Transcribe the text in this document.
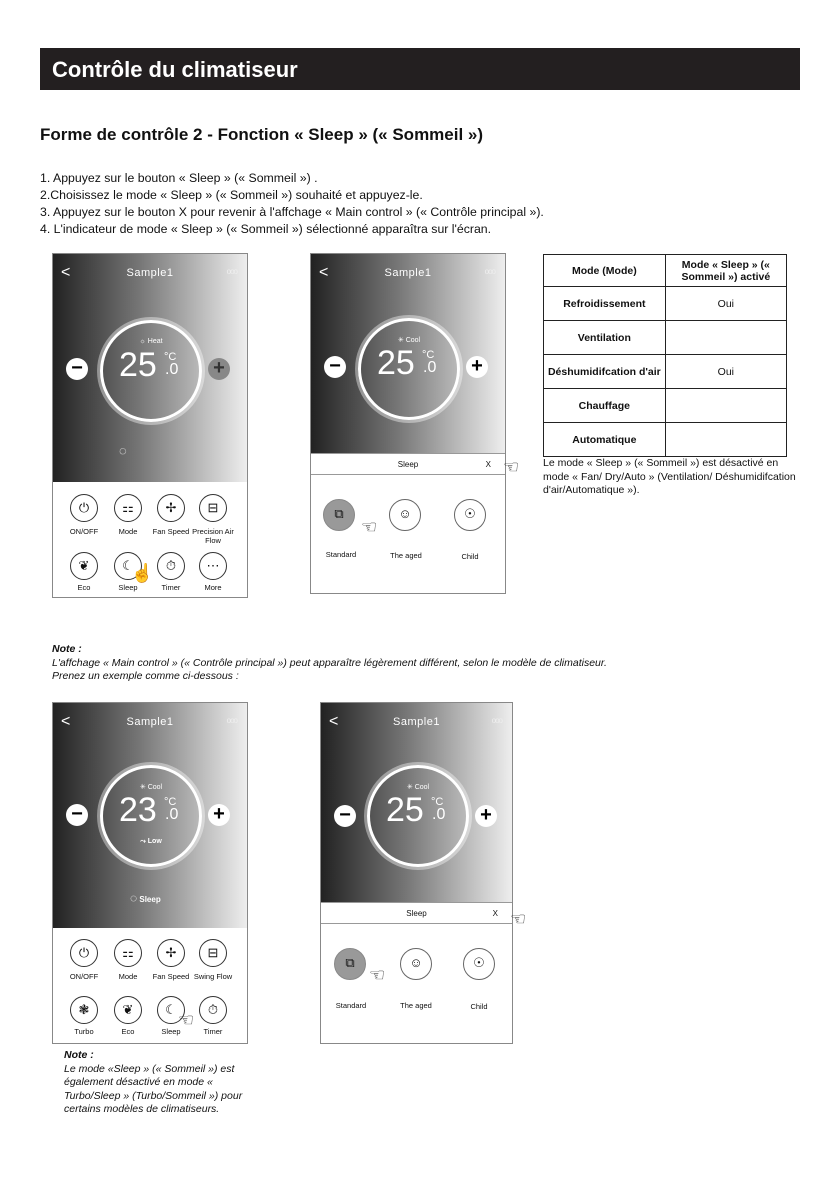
Contrôle du climatiseur
Forme de contrôle 2 - Fonction « Sleep » (« Sommeil »)
1. Appuyez sur le bouton « Sleep » (« Sommeil ») .
2.Choisissez le mode « Sleep » (« Sommeil ») souhaité et appuyez-le.
3. Appuyez sur le bouton X pour revenir à l'affchage « Main control » (« Contrôle principal »).
4. L'indicateur de mode « Sleep » (« Sommeil ») sélectionné apparaîtra sur l'écran.
<	Sample1	ooo
☼ Heat
25 °C
.0
−	+
◌
⏻	⚏	✢	⊟
ON/OFF	Mode	Fan Speed Precision Air Flow
❦	☾	⏱	⋯
Eco	Sleep	Timer	More
☝
<	Sample1	ooo
✳ Cool
25 °C
.0
−	+
Sleep	X
⧉	☺	☉
Standard	The aged	Child
☜
☜
Mode (Mode)	Mode « Sleep » (« Sommeil ») activé
Refroidissement	Oui
Ventilation	
Déshumidifcation d'air	Oui
Chauffage	
Automatique	
Le mode « Sleep » (« Sommeil ») est désactivé en mode « Fan/ Dry/Auto » (Ventilation/ Déshumidifcation d'air/Automatique »).
Note :
L'affchage « Main control » (« Contrôle principal ») peut apparaître légèrement différent, selon le modèle de climatiseur.
Prenez un exemple comme ci-dessous :
<	Sample1	ooo
✳ Cool
23 °C
.0
⤳ Low
−	+
◌ Sleep
⏻	⚏	✢	⊟
ON/OFF	Mode	Fan Speed Swing Flow
❃	❦	☾	⏱
Turbo	Eco	Sleep	Timer
☜
<	Sample1	ooo
✳ Cool
25 °C
.0
−	+
Sleep	X
⧉	☺	☉
Standard	The aged	Child
☜
☜
Note :
Le mode «Sleep » (« Sommeil ») est également désactivé en mode « Turbo/Sleep » (Turbo/Sommeil ») pour certains modèles de climatiseurs.
